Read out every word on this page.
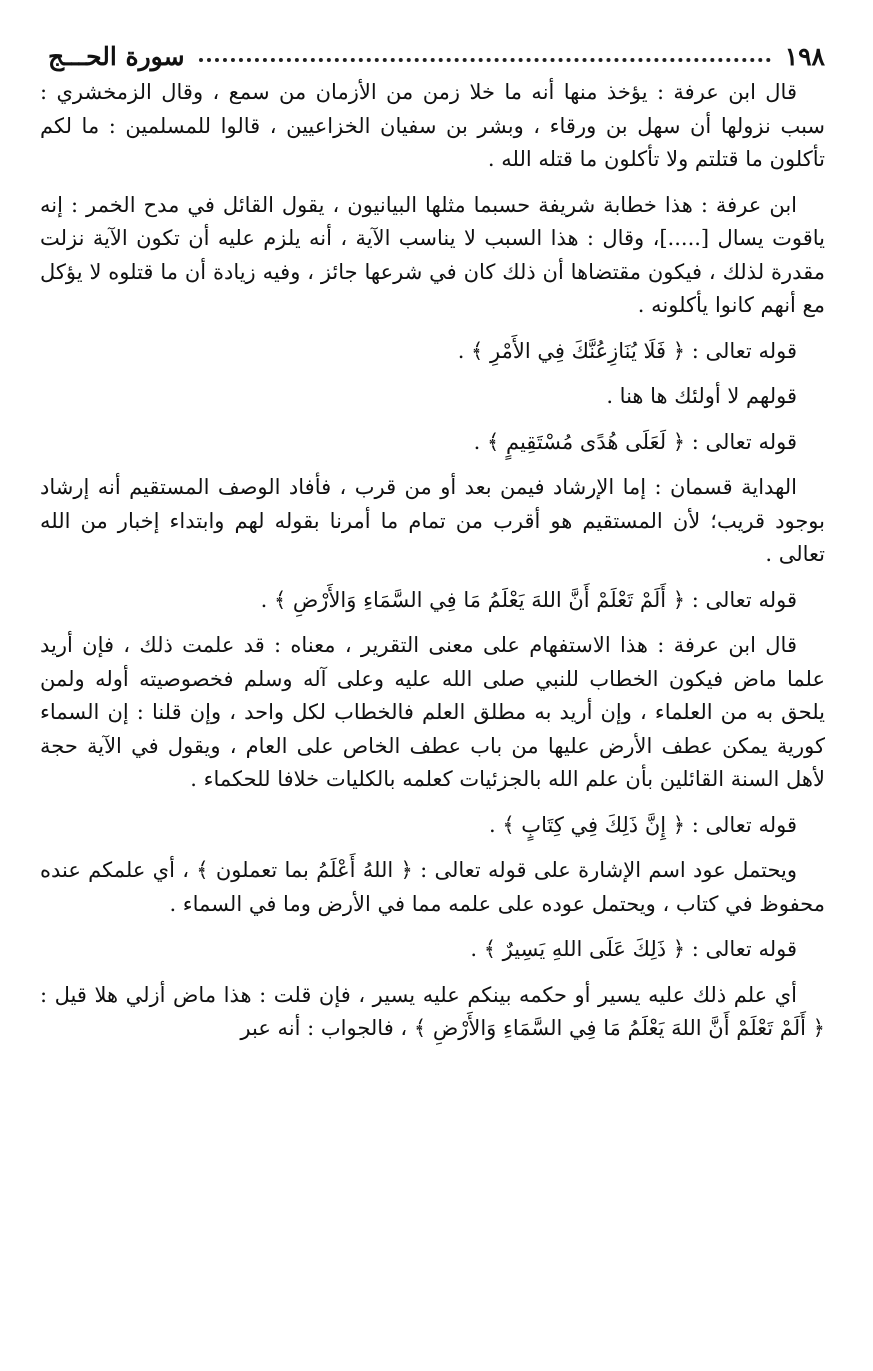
١٩٨
سورة الحـــج

قال ابن عرفة : يؤخذ منها أنه ما خلا زمن من الأزمان من سمع ، وقال الزمخشري : سبب نزولها أن سهل بن ورقاء ، وبشر بن سفيان الخزاعيين ، قالوا للمسلمين : ما لكم تأكلون ما قتلتم ولا تأكلون ما قتله الله .

ابن عرفة : هذا خطابة شريفة حسبما مثلها البيانيون ، يقول القائل في مدح الخمر : إنه ياقوت يسال [.....]، وقال : هذا السبب لا يناسب الآية ، أنه يلزم عليه أن تكون الآية نزلت مقدرة لذلك ، فيكون مقتضاها أن ذلك كان في شرعها جائز ، وفيه زيادة أن ما قتلوه لا يؤكل مع أنهم كانوا يأكلونه .

قوله تعالى : ﴿ فَلَا يُنَازِعُنَّكَ فِي الأَمْرِ ﴾ .

قولهم لا أولئك ها هنا .

قوله تعالى : ﴿ لَعَلَى هُدًى مُسْتَقِيمٍ ﴾ .

الهداية قسمان : إما الإرشاد فيمن بعد أو من قرب ، فأفاد الوصف المستقيم أنه إرشاد بوجود قريب؛ لأن المستقيم هو أقرب من تمام ما أمرنا بقوله لهم وابتداء إخبار من الله تعالى .

قوله تعالى : ﴿ أَلَمْ تَعْلَمْ أَنَّ اللهَ يَعْلَمُ مَا فِي السَّمَاءِ وَالأَرْضِ ﴾ .

قال ابن عرفة : هذا الاستفهام على معنى التقرير ، معناه : قد علمت ذلك ، فإن أريد علما ماض فيكون الخطاب للنبي صلى الله عليه وعلى آله وسلم فخصوصيته أوله ولمن يلحق به من العلماء ، وإن أريد به مطلق العلم فالخطاب لكل واحد ، وإن قلنا : إن السماء كورية يمكن عطف الأرض عليها من باب عطف الخاص على العام ، ويقول في الآية حجة لأهل السنة القائلين بأن علم الله بالجزئيات كعلمه بالكليات خلافا للحكماء .

قوله تعالى : ﴿ إِنَّ ذَلِكَ فِي كِتَابٍ ﴾ .

ويحتمل عود اسم الإشارة على قوله تعالى : ﴿ اللهُ أَعْلَمُ بما تعملون ﴾ ، أي علمكم عنده محفوظ في كتاب ، ويحتمل عوده على علمه مما في الأرض وما في السماء .

قوله تعالى : ﴿ ذَلِكَ عَلَى اللهِ يَسِيرٌ ﴾ .

أي علم ذلك عليه يسير أو حكمه بينكم عليه يسير ، فإن قلت : هذا ماض أزلي هلا قيل : ﴿ أَلَمْ تَعْلَمْ أَنَّ اللهَ يَعْلَمُ مَا فِي السَّمَاءِ وَالأَرْضِ ﴾ ، فالجواب : أنه عبر
